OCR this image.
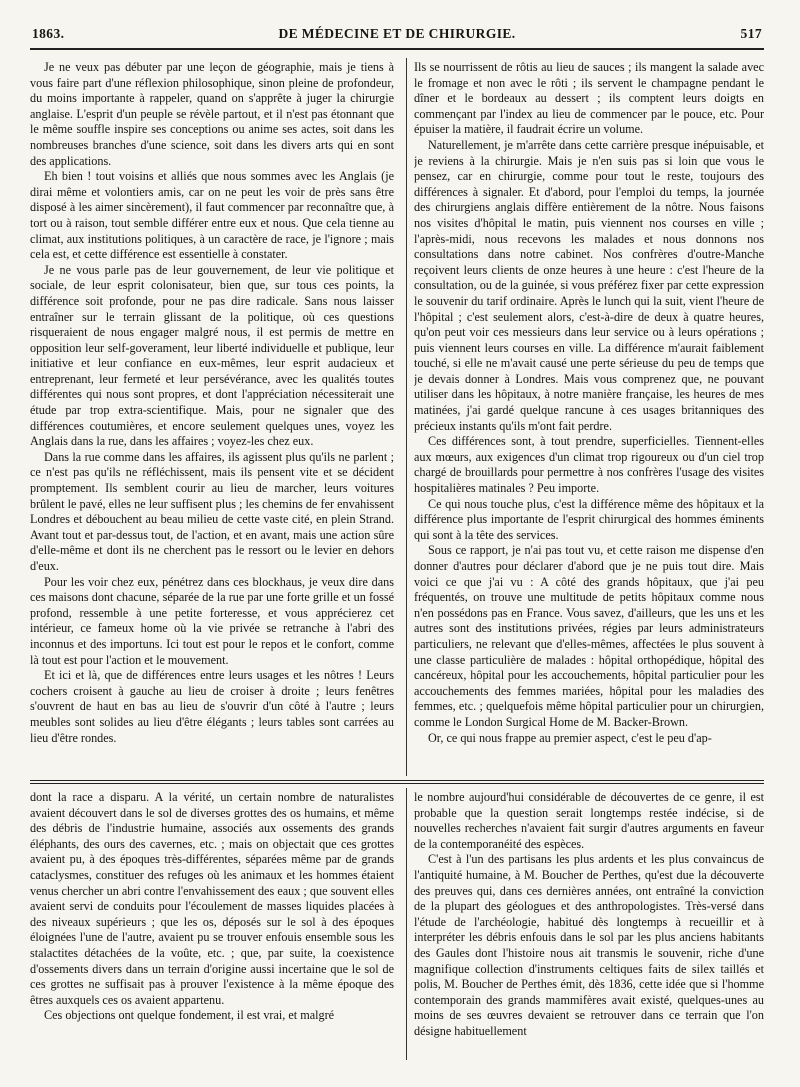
1863.	DE MÉDECINE ET DE CHIRURGIE.	517

Je ne veux pas débuter par une leçon de géographie, mais je tiens à vous faire part d'une réflexion philosophique, sinon pleine de profondeur, du moins importante à rappeler, quand on s'apprête à juger la chirurgie anglaise. L'esprit d'un peuple se révèle partout, et il n'est pas étonnant que le même souffle inspire ses conceptions ou anime ses actes, soit dans les nombreuses branches d'une science, soit dans les divers arts qui en sont des applications.

Eh bien ! tout voisins et alliés que nous sommes avec les Anglais (je dirai même et volontiers amis, car on ne peut les voir de près sans être disposé à les aimer sincèrement), il faut commencer par reconnaître que, à tort ou à raison, tout semble différer entre eux et nous. Que cela tienne au climat, aux institutions politiques, à un caractère de race, je l'ignore ; mais cela est, et cette différence est essentielle à constater.

Je ne vous parle pas de leur gouvernement, de leur vie politique et sociale, de leur esprit colonisateur, bien que, sur tous ces points, la différence soit profonde, pour ne pas dire radicale. Sans nous laisser entraîner sur le terrain glissant de la politique, où ces questions risqueraient de nous engager malgré nous, il est permis de mettre en opposition leur self-goverament, leur liberté individuelle et publique, leur initiative et leur confiance en eux-mêmes, leur esprit audacieux et entreprenant, leur fermeté et leur persévérance, avec les qualités toutes différentes qui nous sont propres, et dont l'appréciation nécessiterait une étude par trop extra-scientifique. Mais, pour ne signaler que des différences coutumières, et encore seulement quelques unes, voyez les Anglais dans la rue, dans les affaires ; voyez-les chez eux.

Dans la rue comme dans les affaires, ils agissent plus qu'ils ne parlent ; ce n'est pas qu'ils ne réfléchissent, mais ils pensent vite et se décident promptement. Ils semblent courir au lieu de marcher, leurs voitures brûlent le pavé, elles ne leur suffisent plus ; les chemins de fer envahissent Londres et débouchent au beau milieu de cette vaste cité, en plein Strand. Avant tout et par-dessus tout, de l'action, et en avant, mais une action sûre d'elle-même et dont ils ne cherchent pas le ressort ou le levier en dehors d'eux.

Pour les voir chez eux, pénétrez dans ces blockhaus, je veux dire dans ces maisons dont chacune, séparée de la rue par une forte grille et un fossé profond, ressemble à une petite forteresse, et vous apprécierez cet intérieur, ce fameux home où la vie privée se retranche à l'abri des inconnus et des importuns. Ici tout est pour le repos et le confort, comme là tout est pour l'action et le mouvement.

Et ici et là, que de différences entre leurs usages et les nôtres ! Leurs cochers croisent à gauche au lieu de croiser à droite ; leurs fenêtres s'ouvrent de haut en bas au lieu de s'ouvrir d'un côté à l'autre ; leurs meubles sont solides au lieu d'être élégants ; leurs tables sont carrées au lieu d'être rondes.

Ils se nourrissent de rôtis au lieu de sauces ; ils mangent la salade avec le fromage et non avec le rôti ; ils servent le champagne pendant le dîner et le bordeaux au dessert ; ils comptent leurs doigts en commençant par l'index au lieu de commencer par le pouce, etc. Pour épuiser la matière, il faudrait écrire un volume.

Naturellement, je m'arrête dans cette carrière presque inépuisable, et je reviens à la chirurgie. Mais je n'en suis pas si loin que vous le pensez, car en chirurgie, comme pour tout le reste, toujours des différences à signaler. Et d'abord, pour l'emploi du temps, la journée des chirurgiens anglais diffère entièrement de la nôtre. Nous faisons nos visites d'hôpital le matin, puis viennent nos courses en ville ; l'après-midi, nous recevons les malades et nous donnons nos consultations dans notre cabinet. Nos confrères d'outre-Manche reçoivent leurs clients de onze heures à une heure : c'est l'heure de la consultation, ou de la guinée, si vous préférez fixer par cette expression le souvenir du tarif ordinaire. Après le lunch qui la suit, vient l'heure de l'hôpital ; c'est seulement alors, c'est-à-dire de deux à quatre heures, qu'on peut voir ces messieurs dans leur service ou à leurs opérations ; puis viennent leurs courses en ville. La différence m'aurait faiblement touché, si elle ne m'avait causé une perte sérieuse du peu de temps que je devais donner à Londres. Mais vous comprenez que, ne pouvant utiliser dans les hôpitaux, à notre manière française, les heures de mes matinées, j'ai gardé quelque rancune à ces usages britanniques des précieux instants qu'ils m'ont fait perdre.

Ces différences sont, à tout prendre, superficielles. Tiennent-elles aux mœurs, aux exigences d'un climat trop rigoureux ou d'un ciel trop chargé de brouillards pour permettre à nos confrères l'usage des visites hospitalières matinales ? Peu importe.

Ce qui nous touche plus, c'est la différence même des hôpitaux et la différence plus importante de l'esprit chirurgical des hommes éminents qui sont à la tête des services.

Sous ce rapport, je n'ai pas tout vu, et cette raison me dispense d'en donner d'autres pour déclarer d'abord que je ne puis tout dire. Mais voici ce que j'ai vu : A côté des grands hôpitaux, que j'ai peu fréquentés, on trouve une multitude de petits hôpitaux comme nous n'en possédons pas en France. Vous savez, d'ailleurs, que les uns et les autres sont des institutions privées, régies par leurs administrateurs particuliers, ne relevant que d'elles-mêmes, affectées le plus souvent à une classe particulière de malades : hôpital orthopédique, hôpital des cancéreux, hôpital pour les accouchements, hôpital particulier pour les accouchements des femmes mariées, hôpital pour les maladies des femmes, etc. ; quelquefois même hôpital particulier pour un chirurgien, comme le London Surgical Home de M. Backer-Brown.

Or, ce qui nous frappe au premier aspect, c'est le peu d'ap-

dont la race a disparu. A la vérité, un certain nombre de naturalistes avaient découvert dans le sol de diverses grottes des os humains, et même des débris de l'industrie humaine, associés aux ossements des grands éléphants, des ours des cavernes, etc. ; mais on objectait que ces grottes avaient pu, à des époques très-différentes, séparées même par de grands cataclysmes, constituer des refuges où les animaux et les hommes étaient venus chercher un abri contre l'envahissement des eaux ; que souvent elles avaient servi de conduits pour l'écoulement de masses liquides placées à des niveaux supérieurs ; que les os, déposés sur le sol à des époques éloignées l'une de l'autre, avaient pu se trouver enfouis ensemble sous les stalactites détachées de la voûte, etc. ; que, par suite, la coexistence d'ossements divers dans un terrain d'origine aussi incertaine que le sol de ces grottes ne suffisait pas à prouver l'existence à la même époque des êtres auxquels ces os avaient appartenu.

Ces objections ont quelque fondement, il est vrai, et malgré

le nombre aujourd'hui considérable de découvertes de ce genre, il est probable que la question serait longtemps restée indécise, si de nouvelles recherches n'avaient fait surgir d'autres arguments en faveur de la contemporanéité des espèces.

C'est à l'un des partisans les plus ardents et les plus convaincus de l'antiquité humaine, à M. Boucher de Perthes, qu'est due la découverte des preuves qui, dans ces dernières années, ont entraîné la conviction de la plupart des géologues et des anthropologistes. Très-versé dans l'étude de l'archéologie, habitué dès longtemps à recueillir et à interpréter les débris enfouis dans le sol par les plus anciens habitants des Gaules dont l'histoire nous ait transmis le souvenir, riche d'une magnifique collection d'instruments celtiques faits de silex taillés et polis, M. Boucher de Perthes émit, dès 1836, cette idée que si l'homme contemporain des grands mammifères avait existé, quelques-unes au moins de ses œuvres devaient se retrouver dans ce terrain que l'on désigne habituellement
